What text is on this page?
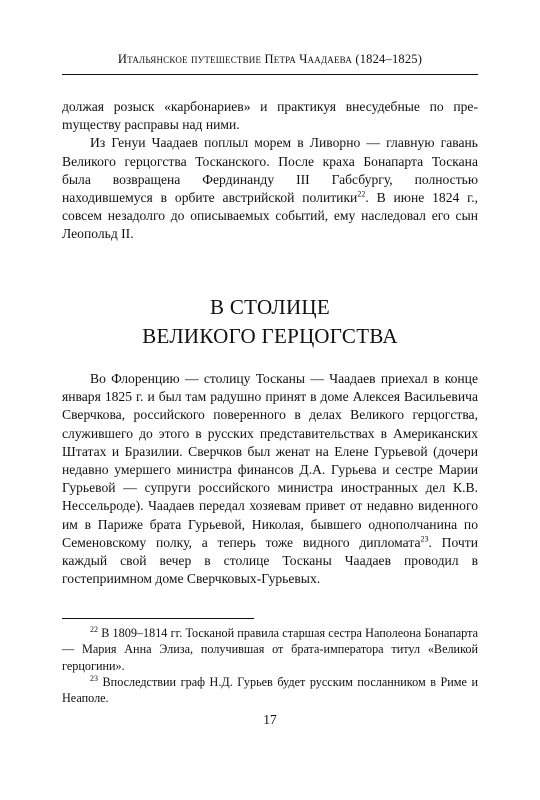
Итальянское путешествие Петра Чаадаева (1824–1825)

должая розыск «карбонариев» и практикуя внесудебные по преmуществу расправы над ними.

Из Генуи Чаадаев поплыл морем в Ливорно — главную гавань Великого герцогства Тосканского. После краха Бонапарта Тоскана была возвращена Фердинанду III Габсбургу, полностью находившемуся в орбите австрийской политики$^{22}$. В июне 1824 г., совсем незадолго до описываемых событий, ему наследовал его сын Леопольд II.

В СТОЛИЦЕ
ВЕЛИКОГО ГЕРЦОГСТВА

Во Флоренцию — столицу Тосканы — Чаадаев приехал в конце января 1825 г. и был там радушно принят в доме Алексея Васильевича Сверчкова, российского поверенного в делах Великого герцогства, служившего до этого в русских представительствах в Американских Штатах и Бразилии. Сверчков был женат на Елене Гурьевой (дочери недавно умершего министра финансов Д.А. Гурьева и сестре Марии Гурьевой — супруги российского министра иностранных дел К.В. Нессельроде). Чаадаев передал хозяевам привет от недавно виденного им в Париже брата Гурьевой, Николая, бывшего однополчанина по Семеновскому полку, а теперь тоже видного дипломата$^{23}$. Почти каждый свой вечер в столице Тосканы Чаадаев проводил в гостеприимном доме Сверчковых-Гурьевых.

$^{22}$ В 1809–1814 гг. Тосканой правила старшая сестра Наполеона Бонапарта — Мария Анна Элиза, получившая от брата-императора титул «Великой герцогини».

$^{23}$ Впоследствии граф Н.Д. Гурьев будет русским посланником в Риме и Неаполе.

17
